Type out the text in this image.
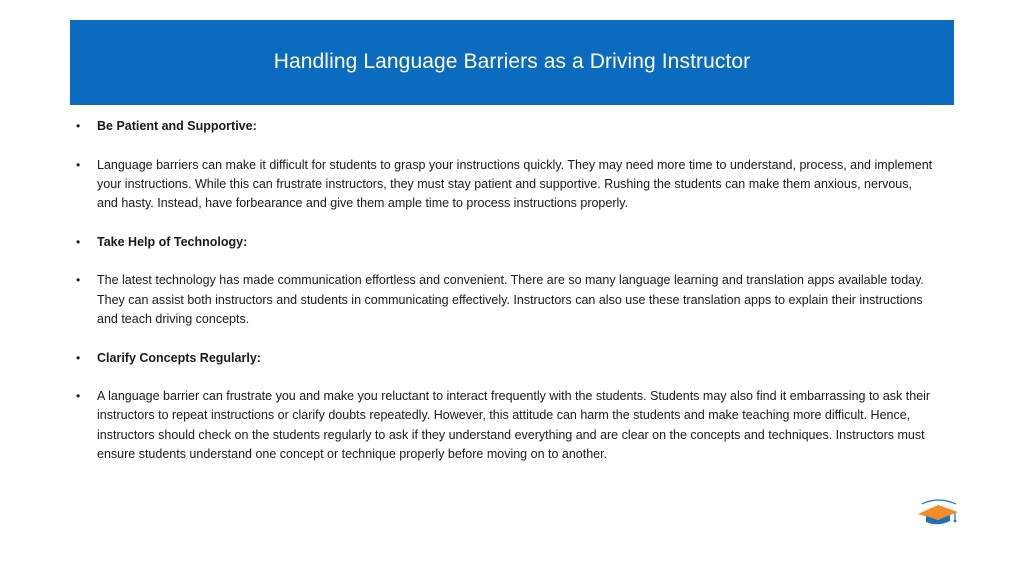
Handling Language Barriers as a Driving Instructor
•	Be Patient and Supportive:
•	Language barriers can make it difficult for students to grasp your instructions quickly. They may need more time to understand, process, and implement your instructions. While this can frustrate instructors, they must stay patient and supportive. Rushing the students can make them anxious, nervous, and hasty. Instead, have forbearance and give them ample time to process instructions properly.
•	Take Help of Technology:
•	The latest technology has made communication effortless and convenient. There are so many language learning and translation apps available today. They can assist both instructors and students in communicating effectively. Instructors can also use these translation apps to explain their instructions and teach driving concepts.
•	Clarify Concepts Regularly:
•	A language barrier can frustrate you and make you reluctant to interact frequently with the students. Students may also find it embarrassing to ask their instructors to repeat instructions or clarify doubts repeatedly. However, this attitude can harm the students and make teaching more difficult. Hence, instructors should check on the students regularly to ask if they understand everything and are clear on the concepts and techniques. Instructors must ensure students understand one concept or technique properly before moving on to another.
